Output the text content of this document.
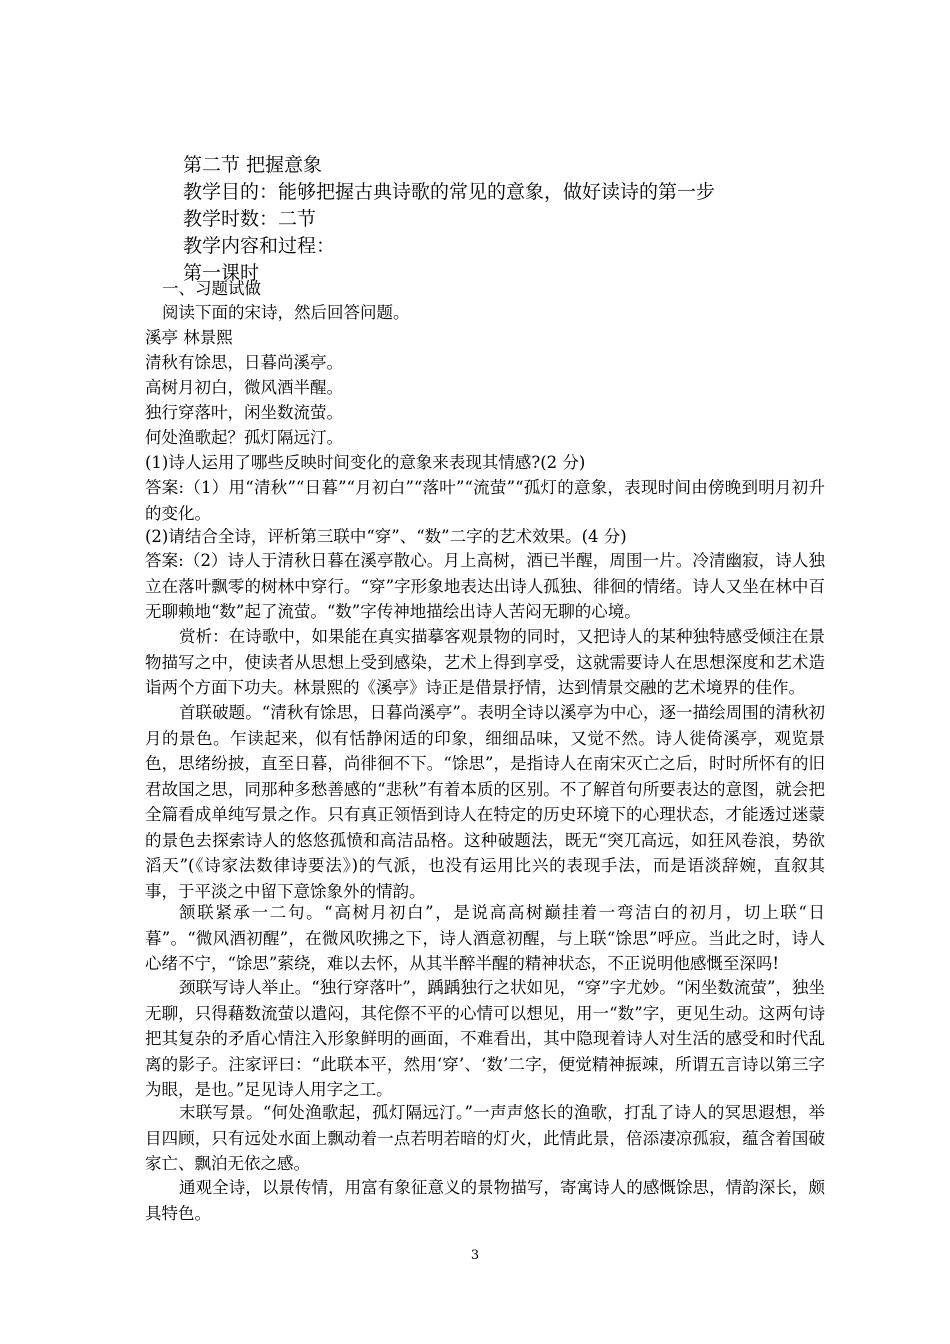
第二节 把握意象
教学目的：能够把握古典诗歌的常见的意象，做好读诗的第一步
教学时数：二节
教学内容和过程：
第一课时
一、习题试做
阅读下面的宋诗，然后回答问题。
溪亭 林景熙
清秋有馀思，日暮尚溪亭。
高树月初白，微风酒半醒。
独行穿落叶，闲坐数流萤。
何处渔歌起？孤灯隔远汀。
(1)诗人运用了哪些反映时间变化的意象来表现其情感?(2 分)
答案:（1）用“清秋”“日暮”“月初白”“落叶”“流萤”“孤灯的意象，表现时间由傍晚到明月初升的变化。
(2)请结合全诗，评析第三联中“穿”、“数”二字的艺术效果。(4 分)
答案:（2）诗人于清秋日暮在溪亭散心。月上高树，酒已半醒，周围一片。冷清幽寂，诗人独立在落叶飘零的树林中穿行。“穿”字形象地表达出诗人孤独、徘徊的情绪。诗人又坐在林中百无聊赖地“数”起了流萤。“数”字传神地描绘出诗人苦闷无聊的心境。
赏析：在诗歌中，如果能在真实描摹客观景物的同时，又把诗人的某种独特感受倾注在景物描写之中，使读者从思想上受到感染，艺术上得到享受，这就需要诗人在思想深度和艺术造诣两个方面下功夫。林景熙的《溪亭》诗正是借景抒情，达到情景交融的艺术境界的佳作。
首联破题。“清秋有馀思，日暮尚溪亭”。表明全诗以溪亭为中心，逐一描绘周围的清秋初月的景色。乍读起来，似有恬静闲适的印象，细细品味，又觉不然。诗人徙倚溪亭，观览景色，思绪纷披，直至日暮，尚徘徊不下。“馀思”，是指诗人在南宋灭亡之后，时时所怀有的旧君故国之思，同那种多愁善感的“悲秋”有着本质的区别。不了解首句所要表达的意图，就会把全篇看成单纯写景之作。只有真正领悟到诗人在特定的历史环境下的心理状态，才能透过迷蒙的景色去探索诗人的悠悠孤愤和高洁品格。这种破题法，既无“突兀高远，如狂风卷浪，势欲滔天”(《诗家法数律诗要法》)的气派，也没有运用比兴的表现手法，而是语淡辞婉，直叙其事，于平淡之中留下意馀象外的情韵。
颔联紧承一二句。“高树月初白”，是说高高树巅挂着一弯洁白的初月，切上联“日暮”。“微风酒初醒”，在微风吹拂之下，诗人酒意初醒，与上联“馀思”呼应。当此之时，诗人心绪不宁，“馀思”萦绕，难以去怀，从其半醉半醒的精神状态，不正说明他感慨至深吗!
颈联写诗人举止。“独行穿落叶”，踽踽独行之状如见，“穿”字尤妙。“闲坐数流萤”，独坐无聊，只得藉数流萤以遣闷，其侘傺不平的心情可以想见，用一“数”字，更见生动。这两句诗把其复杂的矛盾心情注入形象鲜明的画面，不难看出，其中隐现着诗人对生活的感受和时代乱离的影子。注家评曰：“此联本平，然用‘穿’、‘数’二字，便觉精神振竦，所谓五言诗以第三字为眼，是也。”足见诗人用字之工。
末联写景。“何处渔歌起，孤灯隔远汀。”一声声悠长的渔歌，打乱了诗人的冥思遐想，举目四顾，只有远处水面上飘动着一点若明若暗的灯火，此情此景，倍添凄凉孤寂，蕴含着国破家亡、飘泊无依之感。
通观全诗，以景传情，用富有象征意义的景物描写，寄寓诗人的感慨馀思，情韵深长，颇具特色。
3
